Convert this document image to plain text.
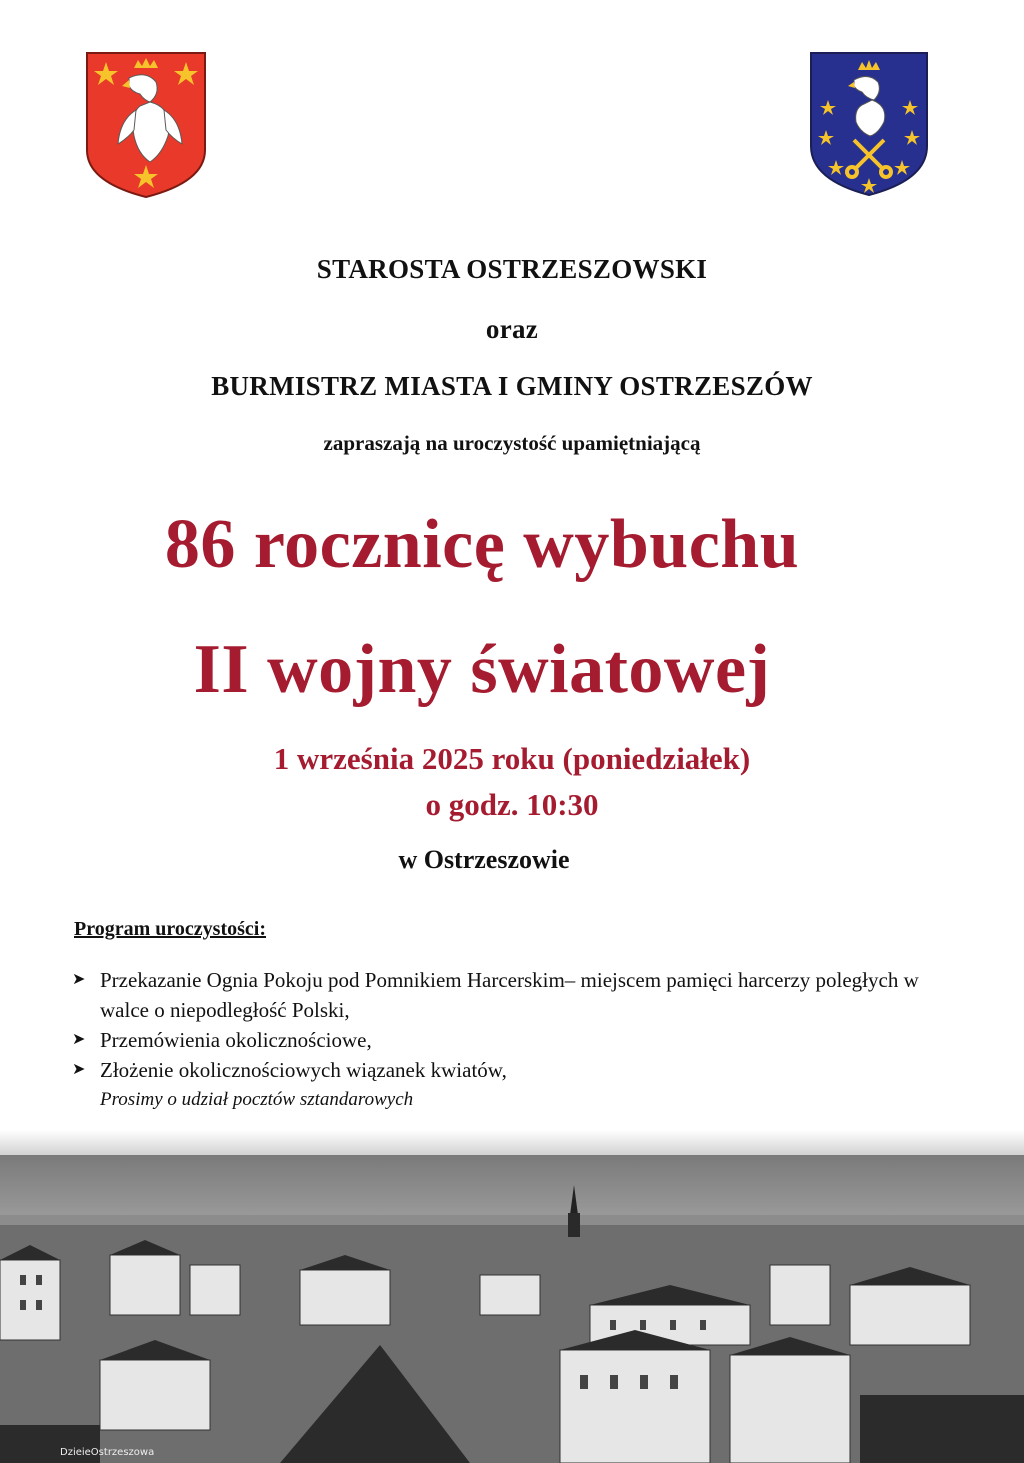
STAROSTA OSTRZESZOWSKI
oraz
BURMISTRZ MIASTA I GMINY OSTRZESZÓW
zapraszają na uroczystość upamiętniającą
86 rocznicę wybuchu
II wojny światowej
1 września 2025 roku (poniedziałek)
o godz. 10:30
w Ostrzeszowie
Program uroczystości:
➤ Przekazanie Ognia Pokoju pod Pomnikiem Harcerskim– miejscem pamięci harcerzy poległych w walce o niepodległość Polski,
➤ Przemówienia okolicznościowe,
➤ Złożenie okolicznościowych wiązanek kwiatów,
Prosimy o udział pocztów sztandarowych
DzieieOstrzeszowa
